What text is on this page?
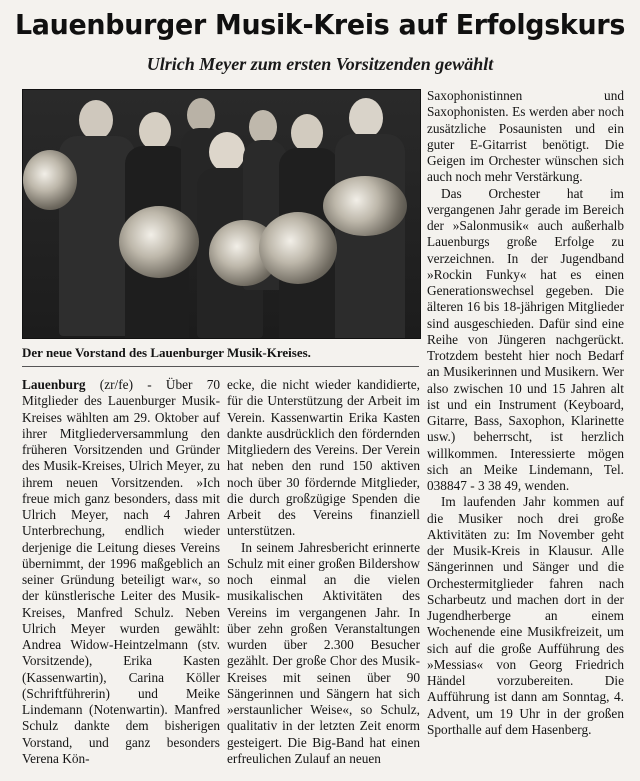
Lauenburger Musik-Kreis auf Erfolgskurs
Ulrich Meyer zum ersten Vorsitzenden gewählt
Der neue Vorstand des Lauenburger Musik-Kreises.

Lauenburg (zr/fe) - Über 70 Mitglieder des Lauenburger Musik-Kreises wählten am 29. Oktober auf ihrer Mitgliederversammlung den früheren Vorsitzenden und Gründer des Musik-Kreises, Ulrich Meyer, zu ihrem neuen Vorsitzenden. »Ich freue mich ganz besonders, dass mit Ulrich Meyer, nach 4 Jahren Unterbrechung, endlich wieder derjenige die Leitung dieses Vereins übernimmt, der 1996 maßgeblich an seiner Gründung beteiligt war«, so der künstlerische Leiter des Musik-Kreises, Manfred Schulz. Neben Ulrich Meyer wurden gewählt: Andrea Widow-Heintzelmann (stv. Vorsitzende), Erika Kasten (Kassenwartin), Carina Köller (Schriftführerin) und Meike Lindemann (Notenwartin). Manfred Schulz dankte dem bisherigen Vorstand, und ganz besonders Verena Kön-

ecke, die nicht wieder kandidierte, für die Unterstützung der Arbeit im Verein. Kassenwartin Erika Kasten dankte ausdrücklich den fördernden Mitgliedern des Vereins. Der Verein hat neben den rund 150 aktiven noch über 30 fördernde Mitglieder, die durch großzügige Spenden die Arbeit des Vereins finanziell unterstützen.

In seinem Jahresbericht erinnerte Schulz mit einer großen Bildershow noch einmal an die vielen musikalischen Aktivitäten des Vereins im vergangenen Jahr. In über zehn großen Veranstaltungen wurden über 2.300 Besucher gezählt. Der große Chor des Musik-Kreises mit seinen über 90 Sängerinnen und Sängern hat sich »erstaunlicher Weise«, so Schulz, qualitativ in der letzten Zeit enorm gesteigert. Die Big-Band hat einen erfreulichen Zulauf an neuen

Saxophonistinnen und Saxophonisten. Es werden aber noch zusätzliche Posaunisten und ein guter E-Gitarrist benötigt. Die Geigen im Orchester wünschen sich auch noch mehr Verstärkung.

Das Orchester hat im vergangenen Jahr gerade im Bereich der »Salonmusik« auch außerhalb Lauenburgs große Erfolge zu verzeichnen. In der Jugendband »Rockin Funky« hat es einen Generationswechsel gegeben. Die älteren 16 bis 18-jährigen Mitglieder sind ausgeschieden. Dafür sind eine Reihe von Jüngeren nachgerückt. Trotzdem besteht hier noch Bedarf an Musikerinnen und Musikern. Wer also zwischen 10 und 15 Jahren alt ist und ein Instrument (Keyboard, Gitarre, Bass, Saxophon, Klarinette usw.) beherrscht, ist herzlich willkommen. Interessierte mögen sich an Meike Lindemann, Tel. 038847 - 3 38 49, wenden.

Im laufenden Jahr kommen auf die Musiker noch drei große Aktivitäten zu: Im November geht der Musik-Kreis in Klausur. Alle Sängerinnen und Sänger und die Orchestermitglieder fahren nach Scharbeutz und machen dort in der Jugendherberge an einem Wochenende eine Musikfreizeit, um sich auf die große Aufführung des »Messias« von Georg Friedrich Händel vorzubereiten. Die Aufführung ist dann am Sonntag, 4. Advent, um 19 Uhr in der großen Sporthalle auf dem Hasenberg.
